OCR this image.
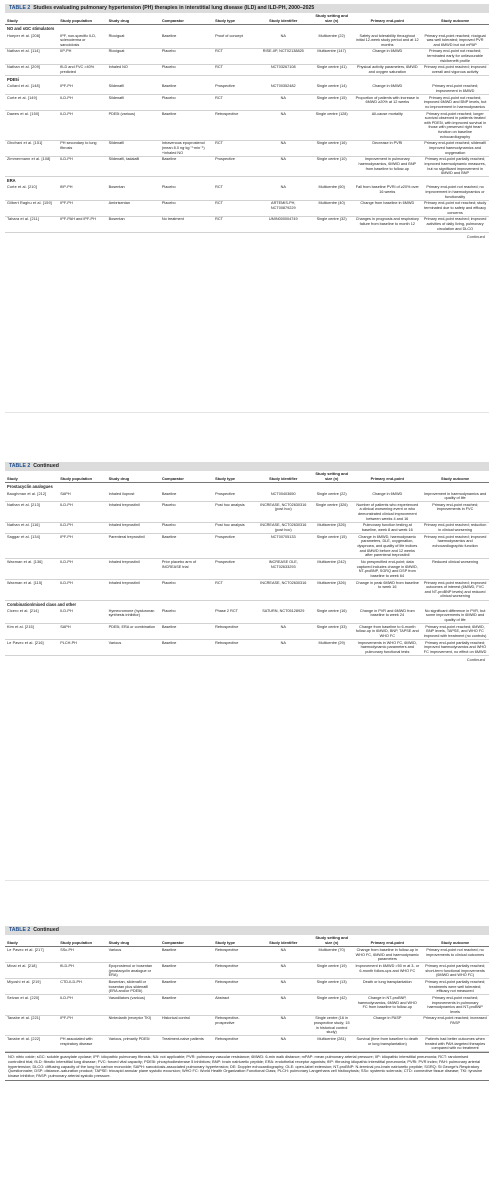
TABLE 2 Studies evaluating pulmonary hypertension (PH) therapies in interstitial lung disease (ILD) and ILD-PH, 2000–2025
Study	Study population	Study drug	Comparator	Study type	Study identifier	Study setting and size (n)	Primary end-point	Study outcome
NO and sGC stimulators								
Hoeper et al. [208]	IPF, non-specific ILD, scleroderma or sarcoidosis	Riociguat	Baseline	Proof of concept	NA	Multicentre (22)	Safety and tolerability throughout initial 12-week study period and at 12 months	Primary end-point reached; riociguat was well tolerated; improved PVR and 6MWD but not mPAP
Nathan et al. [114]	IIP-PH	Riociguat	Placebo	RCT	RISE-IIP, NCT02138825	Multicentre (147)	Change in 6MWD	Primary end-point not reached; terminated early for unfavourable risk/benefit profile
Nathan et al. [209]	fILD and FVC >40% predicted	Inhaled NO	Placebo	RCT	NCT03267108	Single centre (41)	Physical activity parameters, 6MWD and oxygen saturation	Primary end-point reached; improved overall and vigorous activity
PDE5i								
Collard et al. [148]	IPF-PH	Sildenafil	Baseline	Prospective	NCT00352482	Single centre (14)	Change in 6MWD	Primary end-point reached; improvement in 6MWD
Corte et al. [149]	ILD-PH	Sildenafil	Placebo	RCT	NA	Single centre (15)	Proportion of patients with increase in 6MWD ≥20% at 12 weeks	Primary end-point not reached; improved 6MWD and BNP levels, but no improvement in haemodynamics
Dawes et al. [150]	ILD-PH	PDE5i (various)	Baseline	Retrospective	NA	Single centre (128)	All-cause mortality	Primary end-point reached; longer survival observed in patients treated with PDE5i, with improved survival in those with preserved right heart function on baseline echocardiography
Ghofrani et al. [151]	PH secondary to lung fibrosis	Sildenafil	Intravenous epoprostenol (mean 8.0 ng·kg⁻¹·min⁻¹) +inhaled NO	RCT	NA	Single centre (16)	Decrease in PVRi	Primary end-point reached; sildenafil improved haemodynamics and oxygenation
Zimmermann et al. [108]	ILD-PH	Sildenafil, tadalafil	Baseline	Prospective	NA	Single centre (10)	Improvement in pulmonary haemodynamics, 6MWD and BNP from baseline to follow-up	Primary end-point partially reached; improved haemodynamic measures, but no significant improvement in 6MWD and BNP
ERA								
Corte et al. [210]	fIIP-PH	Bosentan	Placebo	RCT	NA	Multicentre (60)	Fall from baseline PVRi of ≥20% over 16 weeks	Primary end-point not reached; no improvement in haemodynamics or functionality
Gilbert Raghu et al. [159]	IPF-PH	Ambrisentan	Placebo	RCT	ARTEMIS-PH, NCT00879229	Multicentre (40)	Change from baseline in 6MWD	Primary end-point not reached; study terminated due to safety and efficacy concerns
Tahara et al. [211]	IPF-PAH and IPF-PH	Bosentan	No treatment	RCT	UMIN000004749	Single centre (32)	Changes in prognosis and respiratory failure from baseline to month 12	Primary end-point reached; improved activities of daily living, pulmonary circulation and DLCO
Continued
TABLE 2 Continued
Study	Study population	Study drug	Comparator	Study type	Study identifier	Study setting and size (n)	Primary end-point	Study outcome
Prostacyclin analogues								
Baughman et al. [212]	SAPH	Inhaled iloprost	Baseline	Prospective	NCT00403650	Single centre (22)	Change in 6MWD	Improvement in haemodynamics and quality of life
Nathan et al. [213]	ILD-PH	Inhaled treprostinil	Placebo	Post hoc analysis	INCREASE, NCT02630316 (post hoc)	Single centre (326)	Number of patients who experienced a clinical worsening event or who demonstrated clinical improvement between weeks 4 and 16	Primary end-point reached; improvements in FVC
Nathan et al. [116]	ILD-PH	Inhaled treprostinil	Placebo	Post hoc analysis	INCREASE, NCT02630316 (post hoc)	Multicentre (326)	Pulmonary function testing at baseline, week 8 and week 16	Primary end-point reached; reduction in clinical worsening
Saggar et al. [134]	IPF-PH	Parenteral treprostinil	Baseline	Prospective	NCT00705133	Single centre (15)	Change in 6MWD, haemodynamic parameters, DLE, oxygenation, dyspnoea, and quality of life indices and 6MWD before and 12 weeks after parenteral treprostinil	Primary end-point reached; improved haemodynamics and echocardiographic function
Waxman et al. [136]	ILD-PH	Inhaled treprostinil	Prior placebo arm of INCREASE trial	Prospective	INCREASE OLE, NCT02633293	Multicentre (242)	No prespecified end-point; data captured includes change in 6MWD, NT-proBNP, SGRQ and DSP from baseline to week 64	Reduced clinical worsening
Waxman et al. [115]	ILD-PH	Inhaled treprostinil	Placebo	RCT	INCREASE, NCT02630316	Multicentre (326)	Change in peak 6MWD from baseline to week 16	Primary end-point reached; improved outcomes of interest (6MWD, FVC and NT-proBNP levels) and reduced clinical worsening
Combination/mixed class and other								
Cicero et al. [214]	ILD-PH	Hymecromone (hyaluronan synthesis inhibitor)	Placebo	Phase 2 RCT	SATURN, NCT05128929	Single centre (16)	Change in PVR and 6MWD from baseline to week 24	No significant difference in PVR, but some improvements in 6MWD and quality of life
Kim et al. [215]	SAPH	PDE5i, ERA or combination	Baseline	Retrospective	NA	Single centre (33)	Change from baseline to 6-month follow-up in 6MWD, BNP, TAPSE and WHO FC	Primary end-point reached; 6MWD, BNP levels, TAPSE, and WHO FC improved with treatment (no controls)
Le Pavec et al. [216]	PLCH-PH	Various	Baseline	Retrospective	NA	Multicentre (29)	Improvements in WHO FC, 6MWD, haemodynamic parameters and pulmonary functional tests	Primary end-point partially reached; improved haemodynamics and WHO FC improvement, no effect on 6MWD
Continued
TABLE 2 Continued
Study	Study population	Study drug	Comparator	Study type	Study identifier	Study setting and size (n)	Primary end-point	Study outcome
Le Pavec et al. [217]	SSc-PH	Various	Baseline	Retrospective	NA	Multicentre (70)	Change from baseline in follow-up in WHO FC, 6MWD and haemodynamic parameters	Primary end-point not reached; no improvements to clinical outcomes
Minai et al. [218]	fILD-PH	Epoprostenol or bosentan (prostacyclin analogue or ERA)	Baseline	Retrospective	NA	Single centre (19)	Improvement in 6MWD >50 m at 3- or 6-month follow-ups and WHO FC	Primary end-point partially reached; short-term functional improvements (6MWD and WHO FC)
Miyoshi et al. [219]	CTD-ILD-PH	Bosentan, sildenafil or bosentan plus sildenafil (ERA and/or PDE5i)	Baseline	Retrospective	NA	Single centre (13)	Death or lung transplantation	Primary end-point partially reached; treatments were well tolerated; efficacy not measured
Selvan et al. [220]	ILD-PH	Vasodilators (various)	Baseline	Abstract	NA	Single centre (42)	Change in NT-proBNP, haemodynamics, 6MWD and WHO FC from baseline to follow-up	Primary end-point reached; improvements in pulmonary haemodynamics and NT-proBNP levels
Tanabe et al. [221]	IPF-PH	Nintedanib (receptor TKI)	Historical control	Retrospective-prospective	NA	Single centre (16 in prospective study; 15 in historical control study)	Change in PASP	Primary end-point reached; increased PASP
Tanabe et al. [222]	PH associated with respiratory disease	Various, primarily PDE5i	Treatment-naive patients	Retrospective	NA	Multicentre (281)	Survival (time from baseline to death or lung transplantation)	Patients had better outcomes when treated with PAH-targeted therapies compared with no treatment
NO: nitric oxide; sGC: soluble guanylate cyclase; IPF: idiopathic pulmonary fibrosis; NA: not applicable; PVR: pulmonary vascular resistance; 6MWD: 6-min walk distance; mPAP: mean pulmonary arterial pressure; IIP: idiopathic interstitial pneumonia; RCT: randomised controlled trial; fILD: fibrotic interstitial lung disease; FVC: forced vital capacity; PDE5i: phosphodiesterase 5 inhibitors; BNP: brain natriuretic peptide; ERA: endothelial receptor agonists; fIIP: fibrosing idiopathic interstitial pneumonia; PVRi: PVR index; PAH: pulmonary arterial hypertension; DLCO: diffusing capacity of the lung for carbon monoxide; SAPH: sarcoidosis-associated pulmonary hypertension; DE: Doppler echocardiography; OLE: open-label extension; NT-proBNP: N-terminal pro-brain natriuretic peptide; SGRQ: St George's Respiratory Questionnaire; DSP: distance–saturation product; TAPSE: tricuspid annular plane systolic excursion; WHO FC: World Health Organization Functional Class; PLCH: pulmonary Langerhans cell histiocytosis; SSc: systemic sclerosis; CTD: connective tissue disease; TKI: tyrosine kinase inhibitor; PASP: pulmonary arterial systolic pressure.
